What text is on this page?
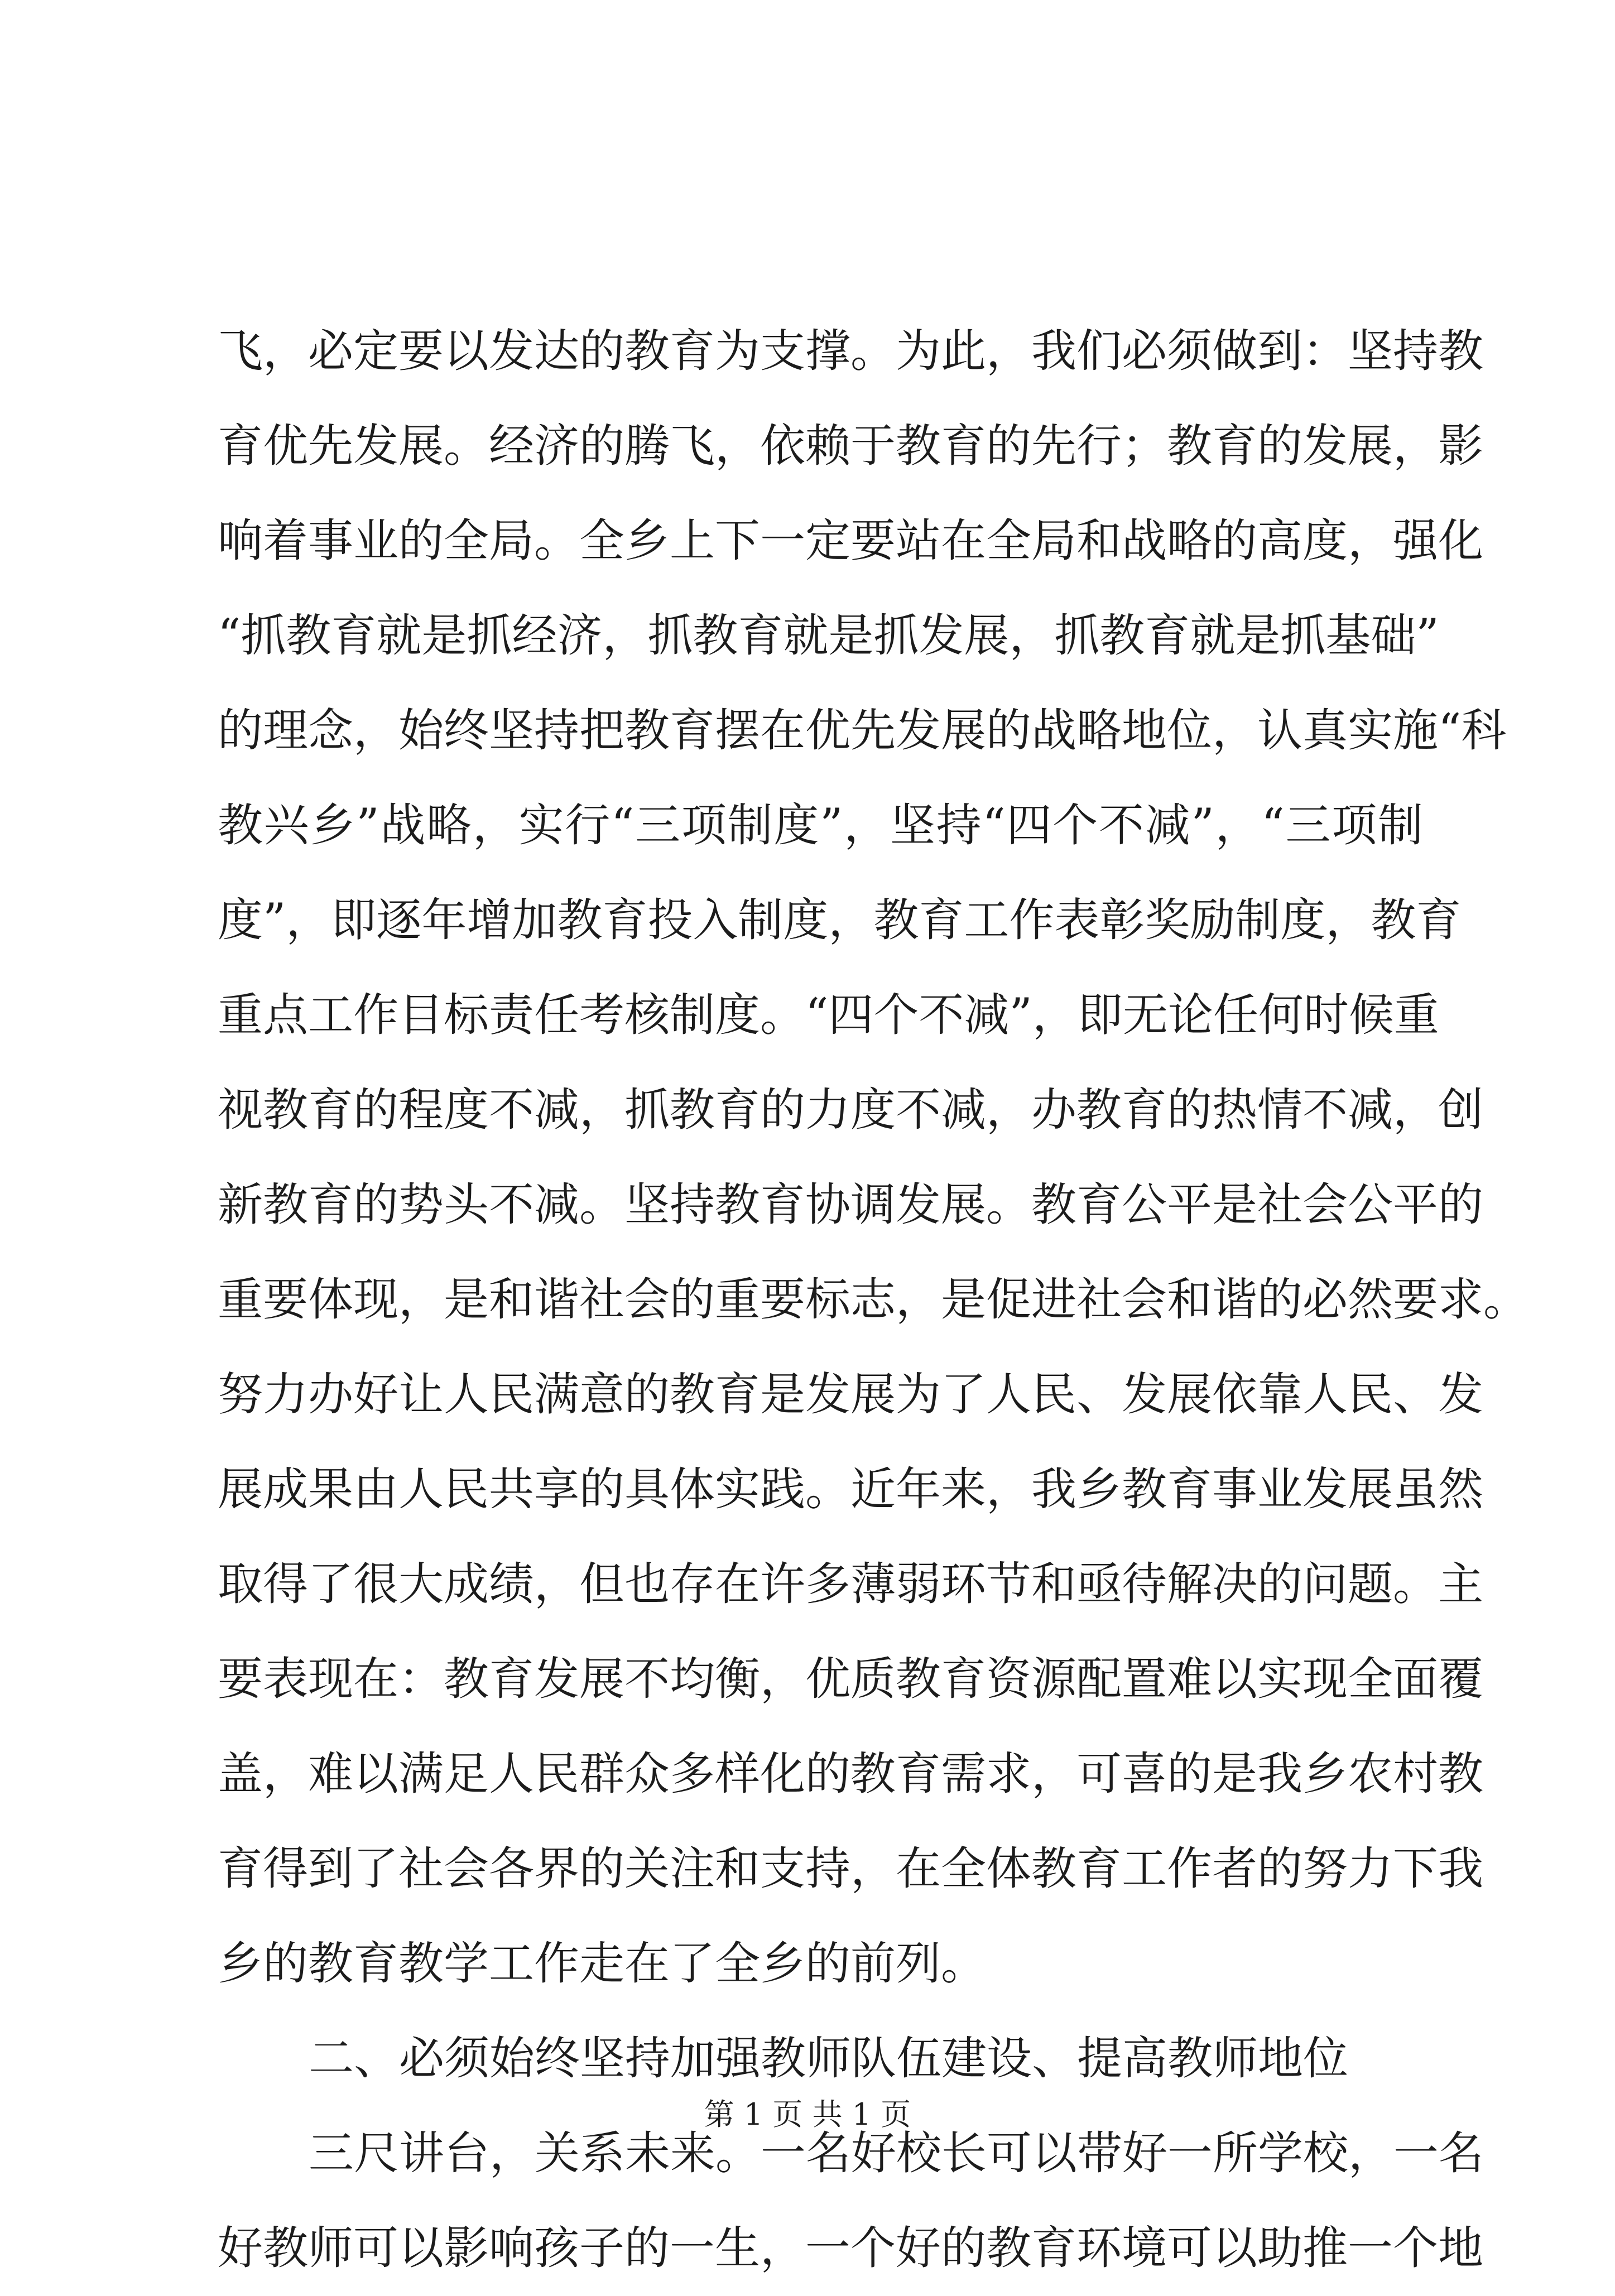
飞，必定要以发达的教育为支撑。为此，我们必须做到：坚持教
育优先发展。经济的腾飞，依赖于教育的先行；教育的发展，影
响着事业的全局。全乡上下一定要站在全局和战略的高度，强化
“抓教育就是抓经济，抓教育就是抓发展，抓教育就是抓基础”
的理念，始终坚持把教育摆在优先发展的战略地位，认真实施“科
教兴乡”战略，实行“三项制度”，坚持“四个不减”，“三项制
度”，即逐年增加教育投入制度，教育工作表彰奖励制度，教育
重点工作目标责任考核制度。“四个不减”，即无论任何时候重
视教育的程度不减，抓教育的力度不减，办教育的热情不减，创
新教育的势头不减。坚持教育协调发展。教育公平是社会公平的
重要体现，是和谐社会的重要标志，是促进社会和谐的必然要求。
努力办好让人民满意的教育是发展为了人民、发展依靠人民、发
展成果由人民共享的具体实践。近年来，我乡教育事业发展虽然
取得了很大成绩，但也存在许多薄弱环节和亟待解决的问题。主
要表现在：教育发展不均衡，优质教育资源配置难以实现全面覆
盖，难以满足人民群众多样化的教育需求，可喜的是我乡农村教
育得到了社会各界的关注和支持，在全体教育工作者的努力下我
乡的教育教学工作走在了全乡的前列。
二、必须始终坚持加强教师队伍建设、提高教师地位
三尺讲台，关系未来。一名好校长可以带好一所学校，一名
好教师可以影响孩子的一生，一个好的教育环境可以助推一个地
第 1 页 共 1 页
